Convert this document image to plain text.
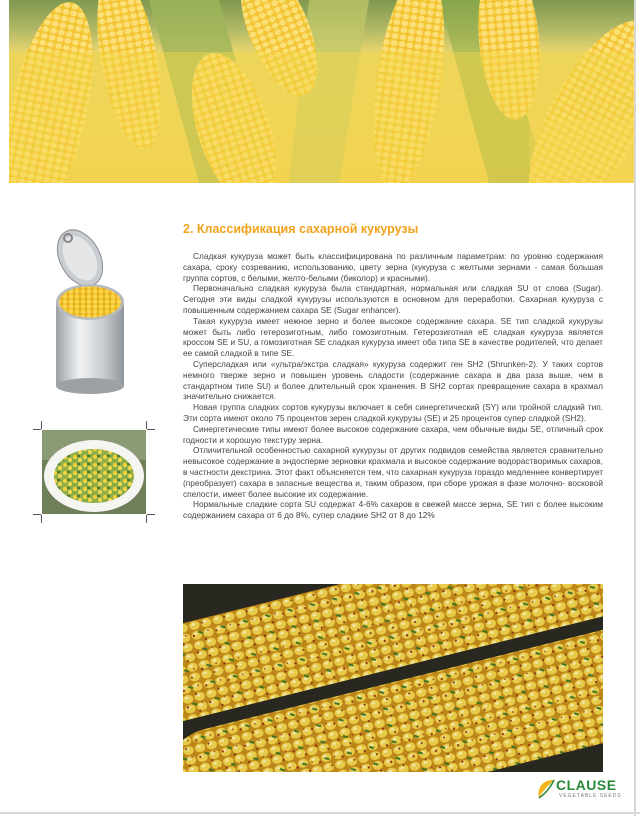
2. Классификация сахарной кукурузы

Сладкая кукуруза может быть классифицирована по различным параметрам: по уровню содержания сахара, сроку созреванию, использованию, цвету зерна (кукуруза с желтыми зернами - самая большая группа сортов, с белыми, желто-белыми (биколор) и красными).

Первоначально сладкая кукуруза была стандартная, нормальная или сладкая SU от слова (Sugar). Сегодня эти виды сладкой кукурузы используются в основном для переработки. Сахарная кукуруза с повышенным содержанием сахара SE (Sugar enhancer).

Такая кукуруза имеет нежное зерно и более высокое содержание сахара. SE тип сладкой кукурузы может быть либо гетерозиготным, либо гомозиготным. Гетерозиготная eE сладкая кукуруза является кроссом SE и SU, а гомозиготная SE сладкая кукуруза имеет оба типа SE в качестве родителей, что делает ее самой сладкой в типе SE.

Суперсладкая или «ультра/экстра сладкая» кукуруза содержит ген SH2 (Shrunken-2). У таких сортов немного тверже зерно и повышен уровень сладости (содержание сахара в два раза выше, чем в стандартном типе SU) и более длительный срок хранения. В SH2 сортах превращение сахара в крахмал значительно снижается.

Новая группа сладких сортов кукурузы включает в себя синергетический (SY) или тройной сладкий тип. Эти сорта имеют около 75 процентов зерен сладкой кукурузы (SE) и 25 процентов супер сладкой (SH2).

Синергетические типы имеют более высокое содержание сахара, чем обычные виды SE, отличный срок годности и хорошую текстуру зерна.

Отличительной особенностью сахарной кукурузы от других подвидов семейства является сравнительно невысокое содержание в эндосперме зерновки крахмала и высокое содержание водорастворимых сахаров, в частности декстрина. Этот факт объясняется тем, что сахарная кукуруза гораздо медленнее конвертирует (преобразует) сахара в запасные вещества и, таким образом, при сборе урожая в фазе молочно- восковой спелости, имеет более высокие их содержание.

Нормальные сладкие сорта SU содержат 4-6% сахаров в свежей массе зерна, SE тип с более высоким содержанием сахара от 6 до 8%, супер сладкие SH2 от 8 до 12%

CLAUSE
VEGETABLE SEEDS
